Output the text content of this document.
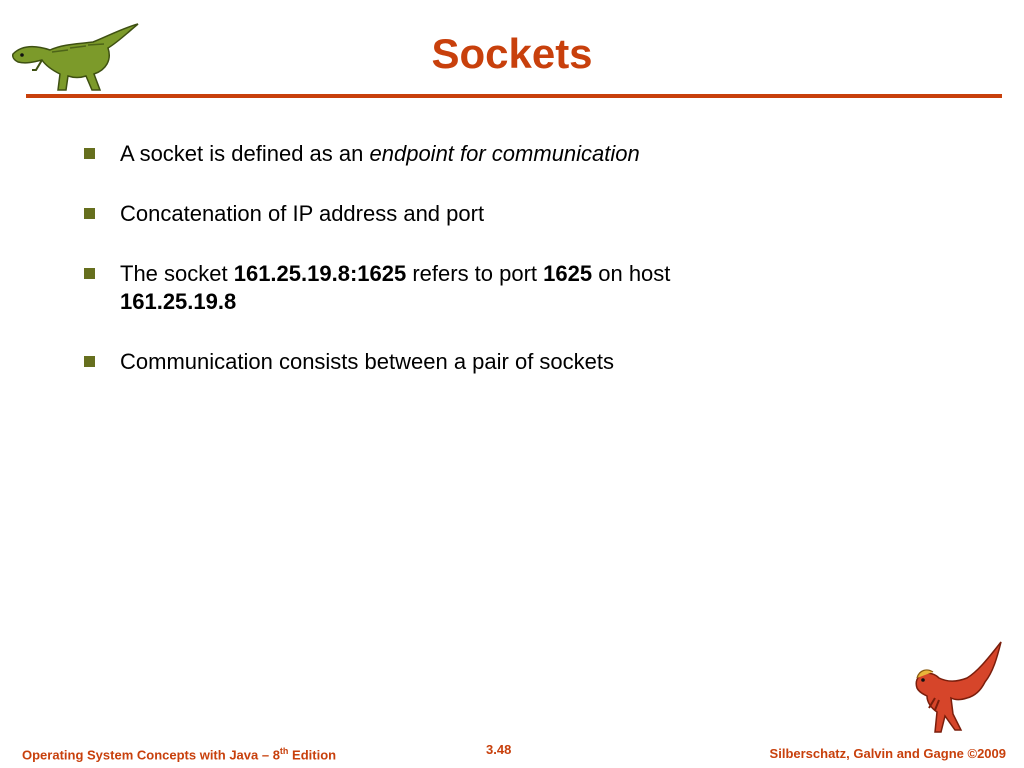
Sockets
A socket is defined as an endpoint for communication
Concatenation of IP address and port
The socket 161.25.19.8:1625 refers to port 1625 on host
161.25.19.8
Communication consists between a pair of sockets
Operating System Concepts with Java – 8th Edition	3.48	Silberschatz, Galvin and Gagne ©2009
